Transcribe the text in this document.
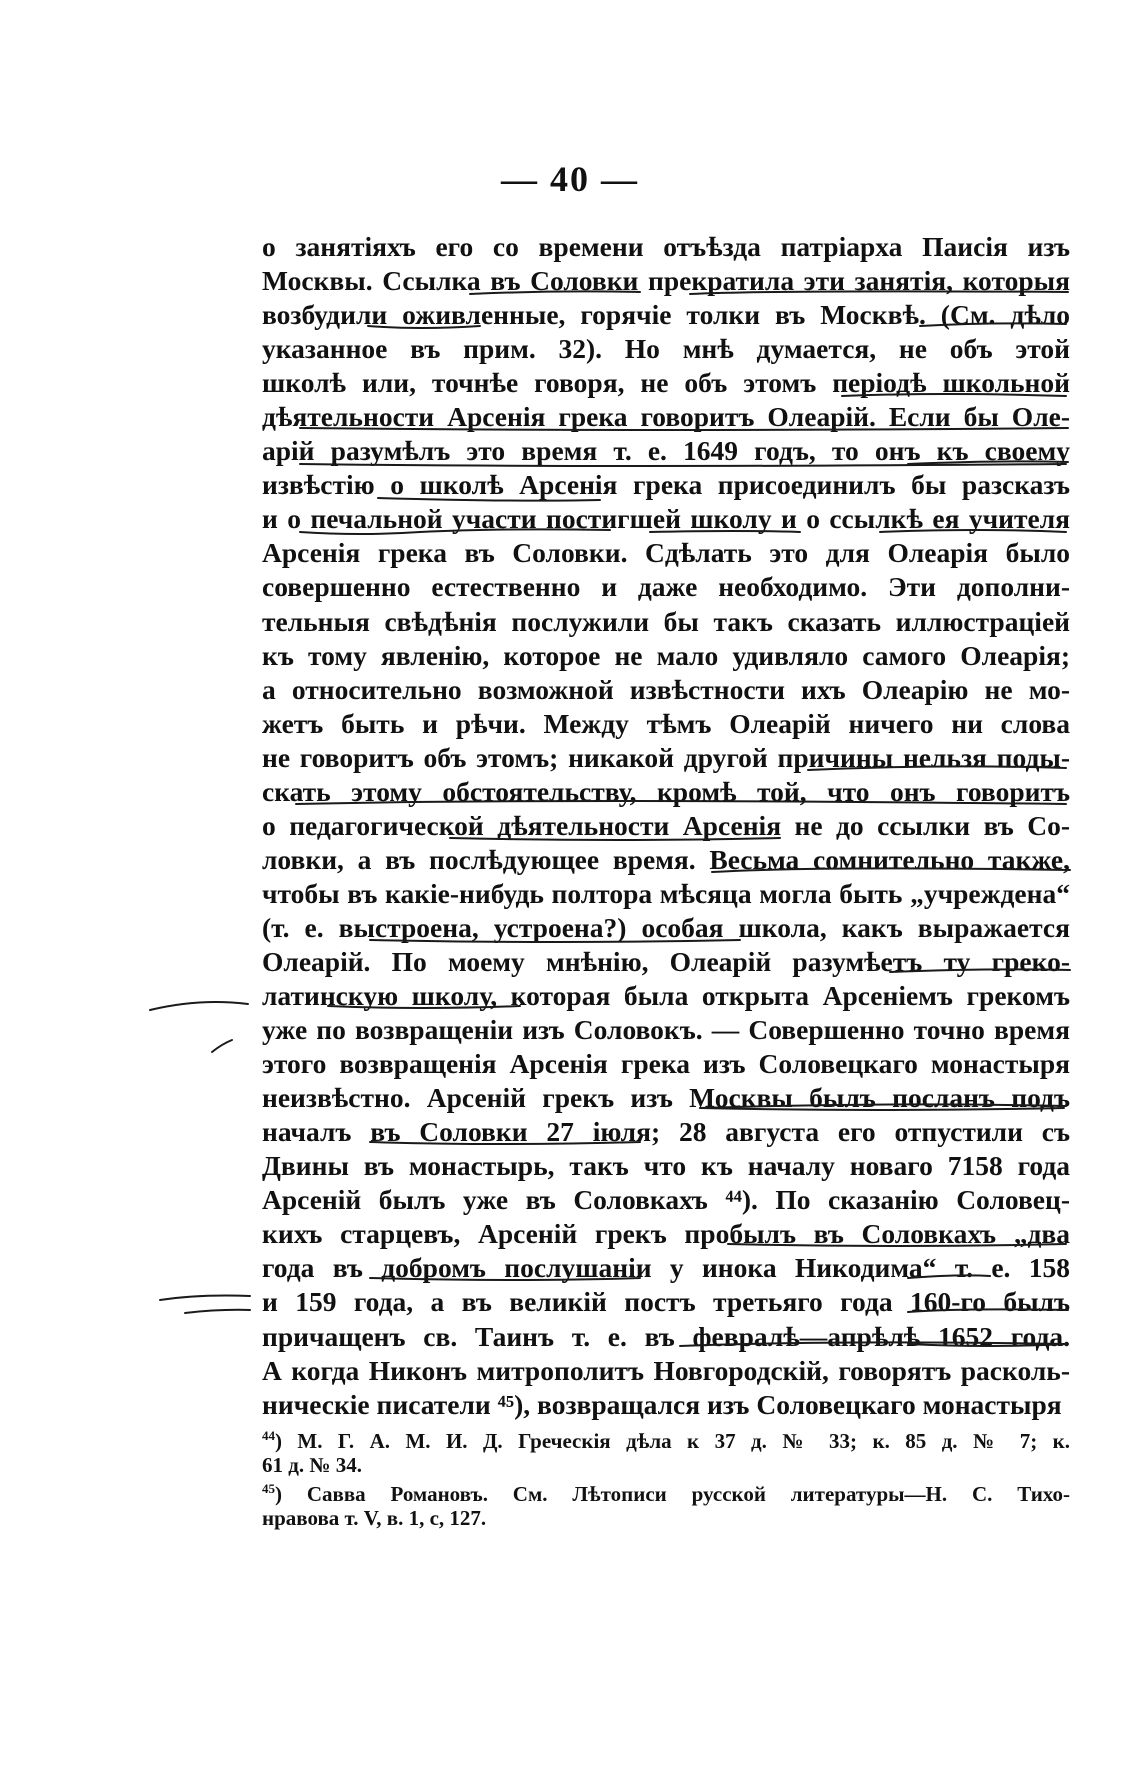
— 40 —
о занятіяхъ его со времени отъѣзда патріарха Паисія изъ
Москвы. Ссылка въ Соловки прекратила эти занятія, которыя
возбудили оживленные, горячіе толки въ Москвѣ. (См. дѣло
указанное въ прим. 32). Но мнѣ думается, не объ этой
школѣ или, точнѣе говоря, не объ этомъ періодѣ школьной
дѣятельности Арсенія грека говоритъ Олеарій. Если бы Оле-
арій разумѣлъ это время т. е. 1649 годъ, то онъ къ своему
извѣстію о школѣ Арсенія грека присоединилъ бы разсказъ
и о печальной участи постигшей школу и о ссылкѣ ея учителя
Арсенія грека въ Соловки. Сдѣлать это для Олеарія было
совершенно естественно и даже необходимо. Эти дополни-
тельныя свѣдѣнія послужили бы такъ сказать иллюстраціей
къ тому явленію, которое не мало удивляло самого Олеарія;
а относительно возможной извѣстности ихъ Олеарію не мо-
жетъ быть и рѣчи. Между тѣмъ Олеарій ничего ни слова
не говоритъ объ этомъ; никакой другой причины нельзя поды-
скать этому обстоятельству, кромѣ той, что онъ говоритъ
о педагогической дѣятельности Арсенія не до ссылки въ Со-
ловки, а въ послѣдующее время. Весьма сомнительно также,
чтобы въ какіе-нибудь полтора мѣсяца могла быть „учреждена“
(т. е. выстроена, устроена?) особая школа, какъ выражается
Олеарій. По моему мнѣнію, Олеарій разумѣетъ ту греко-
латинскую школу, которая была открыта Арсеніемъ грекомъ
уже по возвращеніи изъ Соловокъ. — Совершенно точно время
этого возвращенія Арсенія грека изъ Соловецкаго монастыря
неизвѣстно. Арсеній грекъ изъ Москвы былъ посланъ подъ
началъ въ Соловки 27 іюля; 28 августа его отпустили съ
Двины въ монастырь, такъ что къ началу новаго 7158 года
Арсеній былъ уже въ Соловкахъ ⁴⁴). По сказанію Соловец-
кихъ старцевъ, Арсеній грекъ пробылъ въ Соловкахъ „два
года въ добромъ послушаніи у инока Никодима“ т. е. 158
и 159 года, а въ великій постъ третьяго года 160-го былъ
причащенъ св. Таинъ т. е. въ февралѣ—апрѣлѣ 1652 года.
А когда Никонъ митрополитъ Новгородскій, говорятъ расколь-
ническіе писатели ⁴⁵), возвращался изъ Соловецкаго монастыря
$^{44}$) М. Г. А. М. И. Д. Греческія дѣла к 37 д. № 33; к. 85 д. № 7; к.
61 д. № 34.
$^{45}$) Савва Романовъ. См. Лѣтописи русской литературы—Н. С. Тихо-
нравова т. V, в. 1, с, 127.
